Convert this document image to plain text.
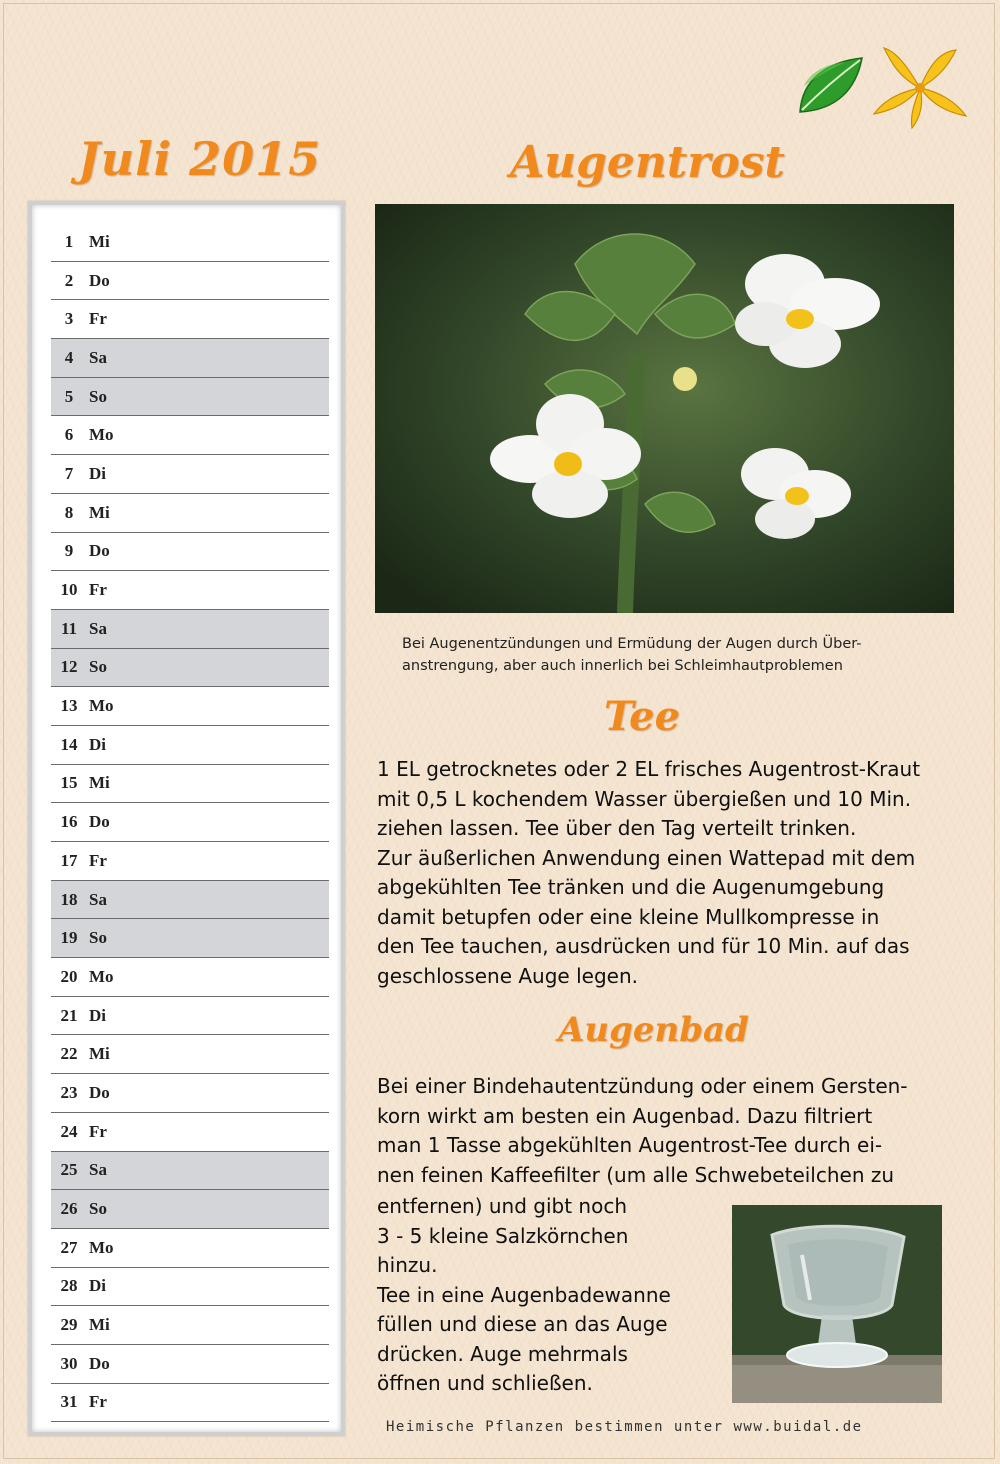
Juli 2015	Augentrost
1 Mi
2 Do
3 Fr
4 Sa
5 So
6 Mo
7 Di
8 Mi
9 Do
10 Fr
11 Sa
12 So
13 Mo
14 Di
15 Mi
16 Do
17 Fr
18 Sa
19 So
20 Mo
21 Di
22 Mi
23 Do
24 Fr
25 Sa
26 So
27 Mo
28 Di
29 Mi
30 Do
31 Fr
Bei Augenentzündungen und Ermüdung der Augen durch Über-
anstrengung, aber auch innerlich bei Schleimhautproblemen
Tee
1 EL getrocknetes oder 2 EL frisches Augentrost-Kraut
mit 0,5 L kochendem Wasser übergießen und 10 Min.
ziehen lassen. Tee über den Tag verteilt trinken.
Zur äußerlichen Anwendung einen Wattepad mit dem
abgekühlten Tee tränken und die Augenumgebung
damit betupfen oder eine kleine Mullkompresse in
den Tee tauchen, ausdrücken und für 10 Min. auf das
geschlossene Auge legen.
Augenbad
Bei einer Bindehautentzündung oder einem Gersten-
korn wirkt am besten ein Augenbad. Dazu filtriert
man 1 Tasse abgekühlten Augentrost-Tee durch ei-
nen feinen Kaffeefilter (um alle Schwebeteilchen zu
entfernen) und gibt noch
3 - 5 kleine Salzkörnchen
hinzu.
Tee in eine Augenbadewanne
füllen und diese an das Auge
drücken. Auge mehrmals
öffnen und schließen.
Heimische Pflanzen bestimmen unter www.buidal.de
